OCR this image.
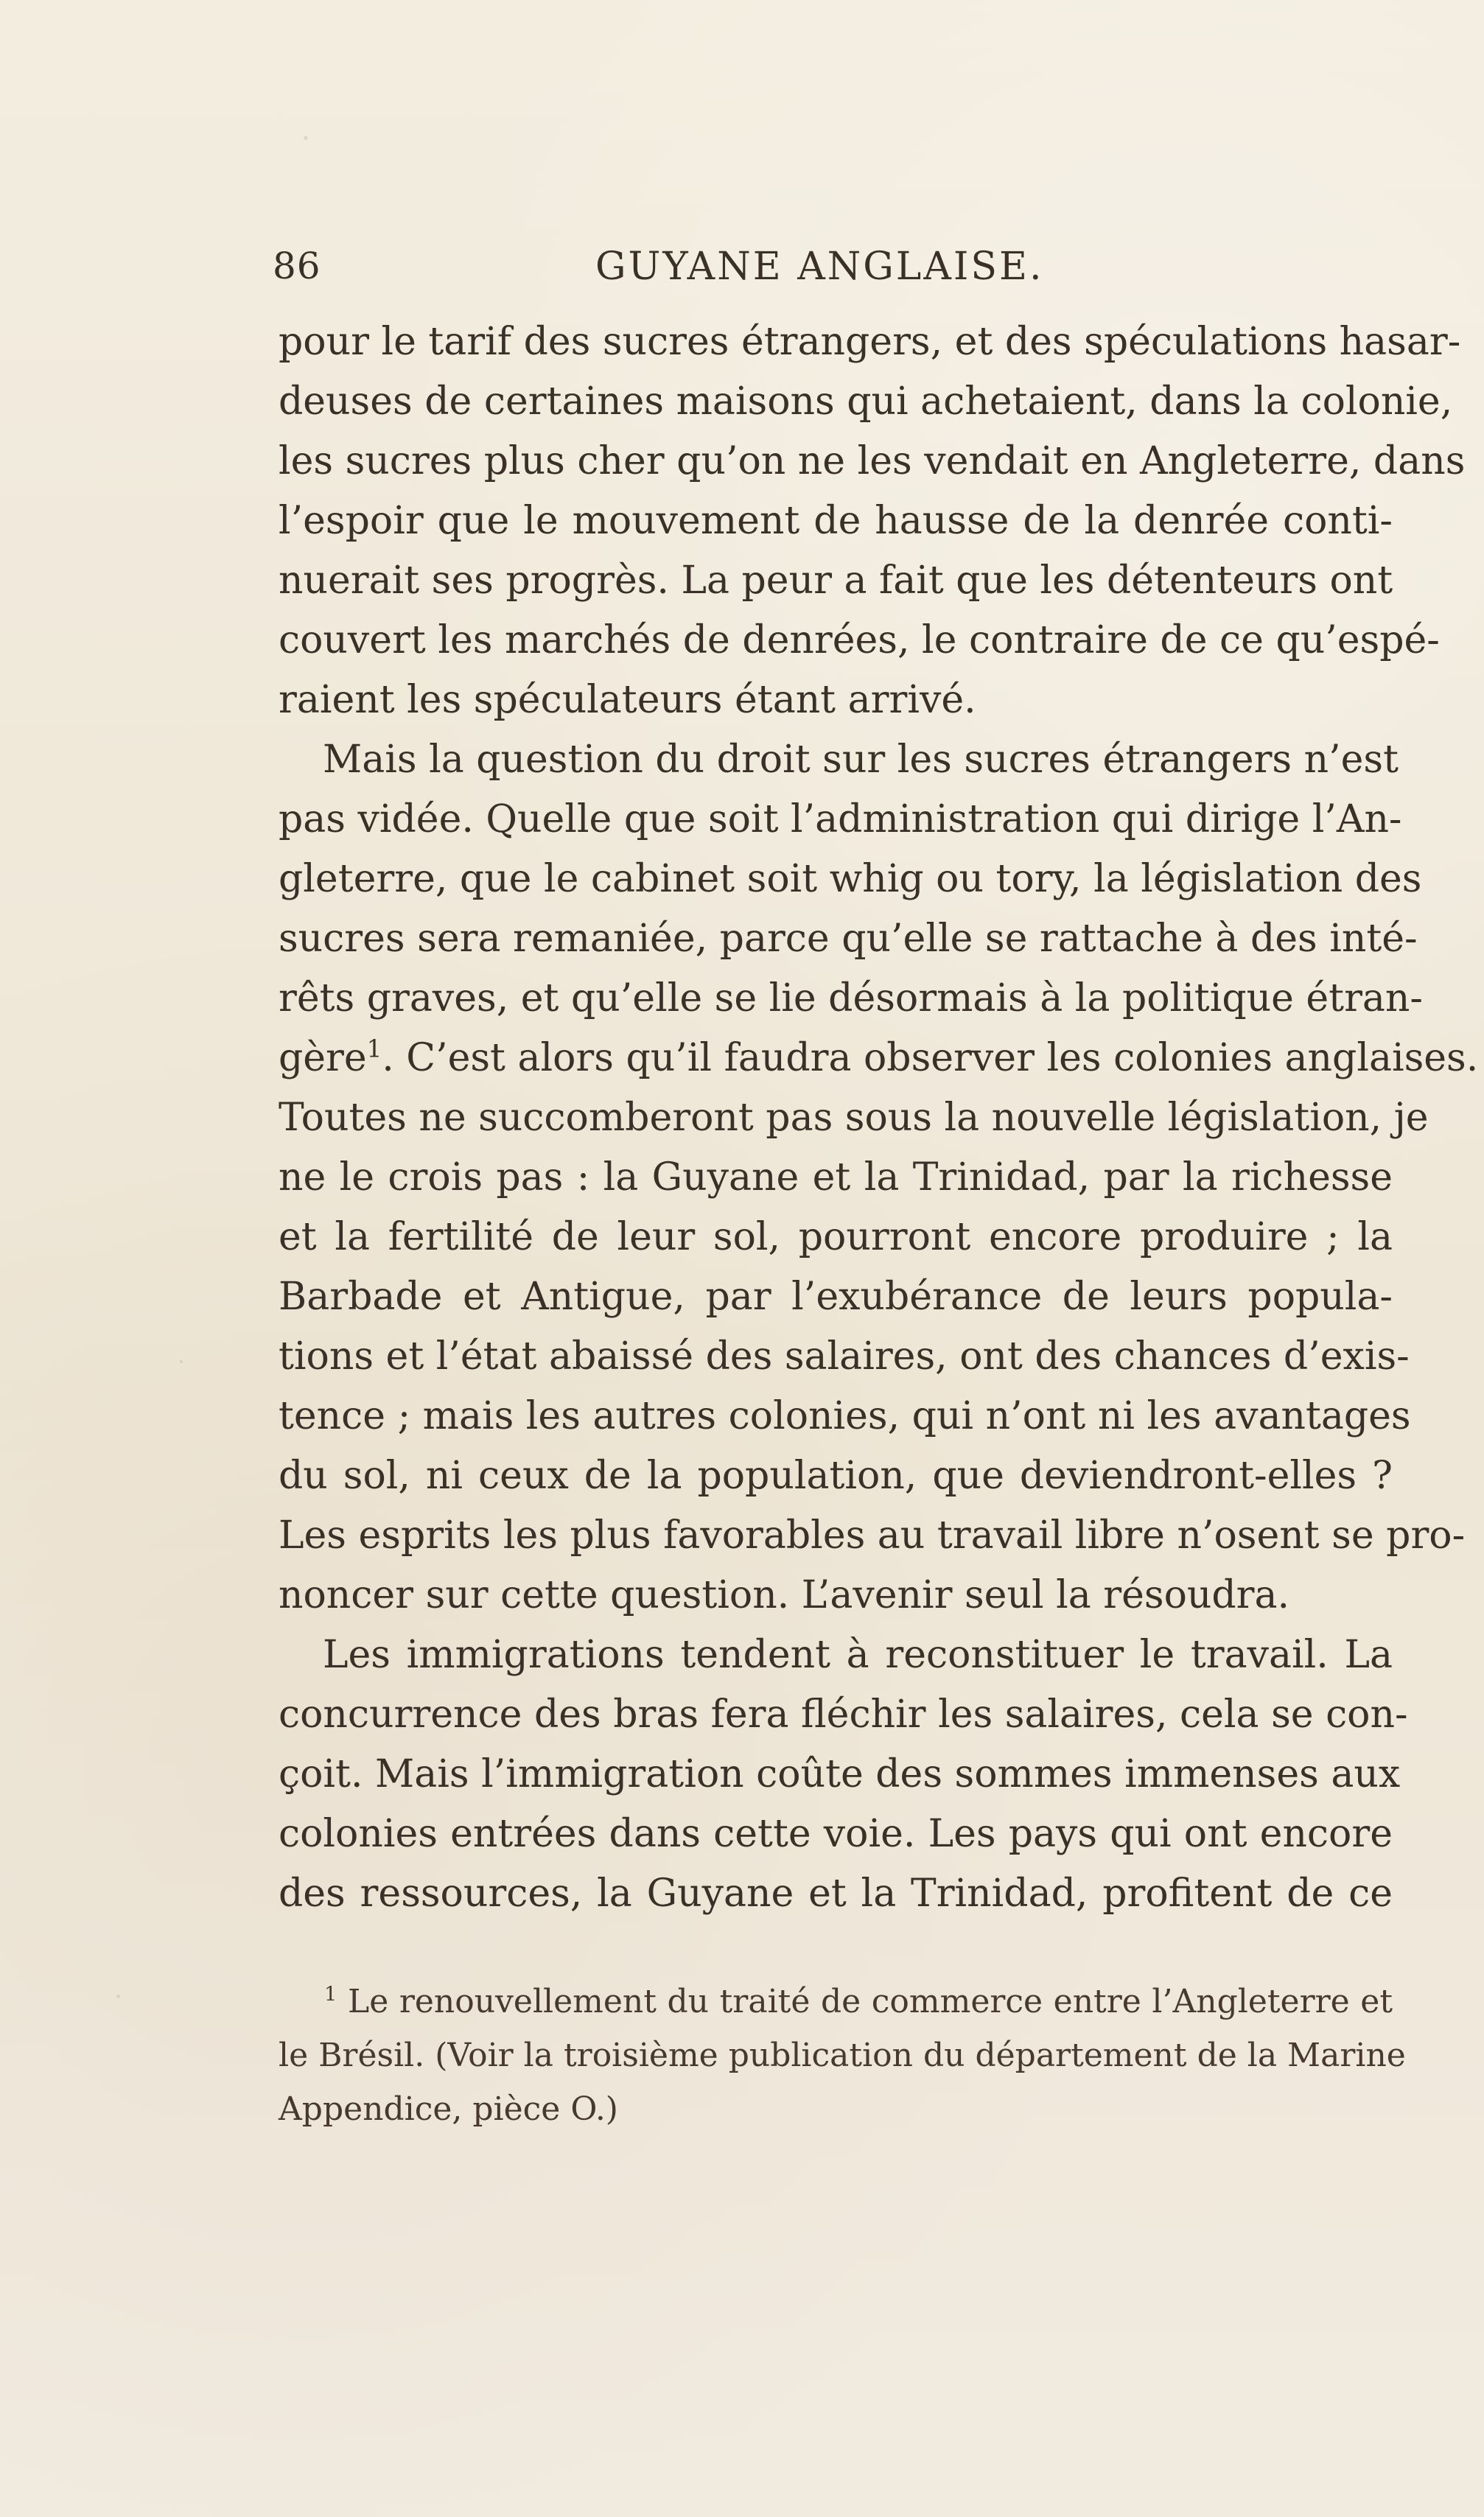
86	GUYANE ANGLAISE.
pour le tarif des sucres étrangers, et des spéculations hasar-
deuses de certaines maisons qui achetaient, dans la colonie,
les sucres plus cher qu’on ne les vendait en Angleterre, dans
l’espoir que le mouvement de hausse de la denrée conti-
nuerait ses progrès. La peur a fait que les détenteurs ont
couvert les marchés de denrées, le contraire de ce qu’espé-
raient les spéculateurs étant arrivé.
Mais la question du droit sur les sucres étrangers n’est
pas vidée. Quelle que soit l’administration qui dirige l’An-
gleterre, que le cabinet soit whig ou tory, la législation des
sucres sera remaniée, parce qu’elle se rattache à des inté-
rêts graves, et qu’elle se lie désormais à la politique étran-
gère$^1$. C’est alors qu’il faudra observer les colonies anglaises.
Toutes ne succomberont pas sous la nouvelle législation, je
ne le crois pas : la Guyane et la Trinidad, par la richesse
et la fertilité de leur sol, pourront encore produire ; la
Barbade et Antigue, par l’exubérance de leurs popula-
tions et l’état abaissé des salaires, ont des chances d’exis-
tence ; mais les autres colonies, qui n’ont ni les avantages
du sol, ni ceux de la population, que deviendront-elles ?
Les esprits les plus favorables au travail libre n’osent se pro-
noncer sur cette question. L’avenir seul la résoudra.
Les immigrations tendent à reconstituer le travail. La
concurrence des bras fera fléchir les salaires, cela se con-
çoit. Mais l’immigration coûte des sommes immenses aux
colonies entrées dans cette voie. Les pays qui ont encore
des ressources, la Guyane et la Trinidad, profitent de ce
$^1$ Le renouvellement du traité de commerce entre l’Angleterre et
le Brésil. (Voir la troisième publication du département de la Marine
Appendice, pièce O.)
